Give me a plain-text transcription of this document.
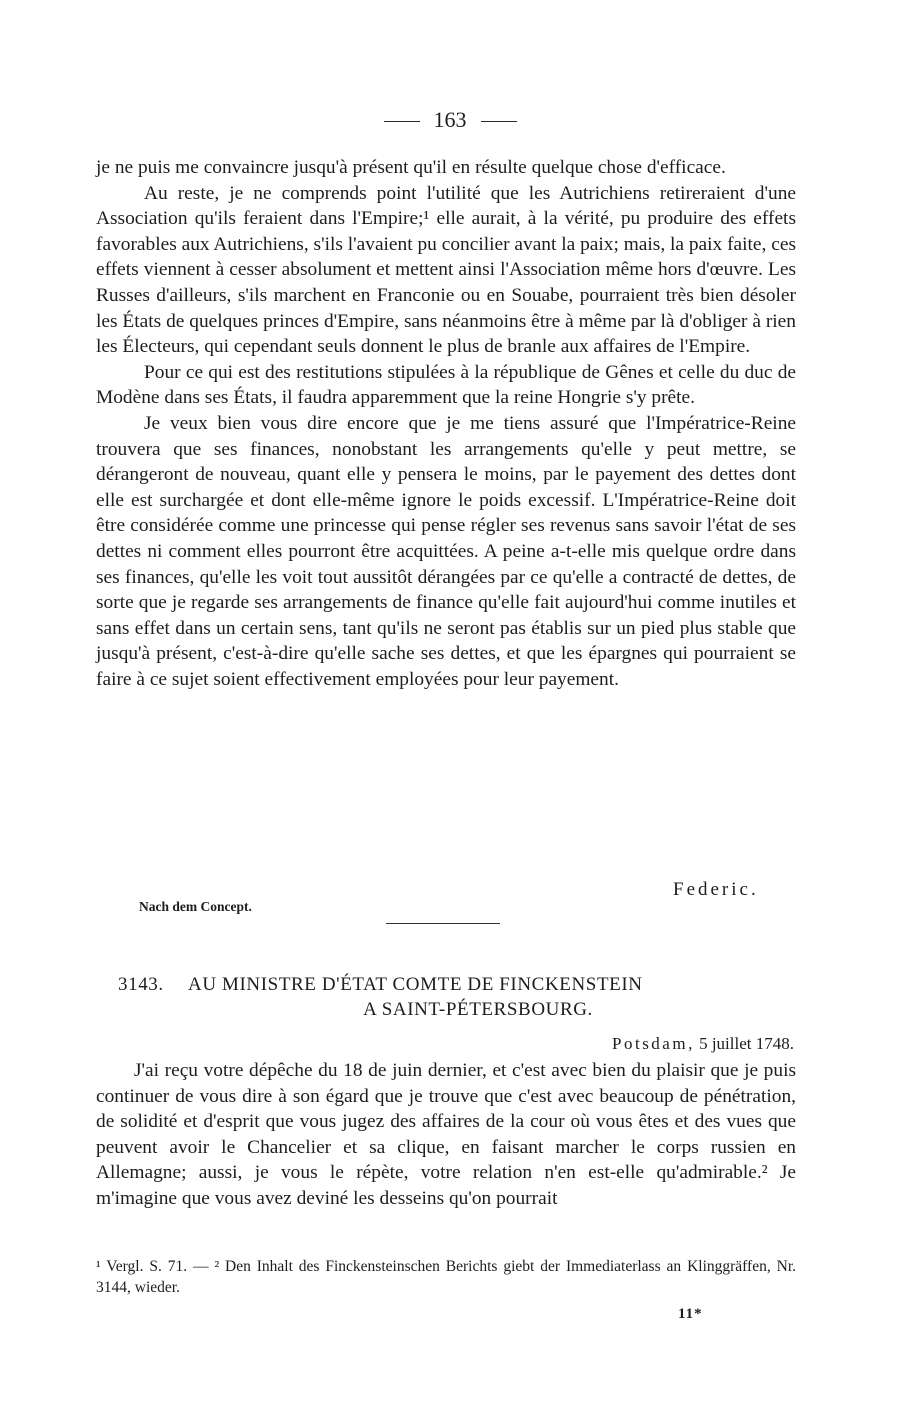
163

je ne puis me convaincre jusqu'à présent qu'il en résulte quelque chose d'efficace.

Au reste, je ne comprends point l'utilité que les Autrichiens retireraient d'une Association qu'ils feraient dans l'Empire;¹ elle aurait, à la vérité, pu produire des effets favorables aux Autrichiens, s'ils l'avaient pu concilier avant la paix; mais, la paix faite, ces effets viennent à cesser absolument et mettent ainsi l'Association même hors d'œuvre. Les Russes d'ailleurs, s'ils marchent en Franconie ou en Souabe, pourraient très bien désoler les États de quelques princes d'Empire, sans néanmoins être à même par là d'obliger à rien les Électeurs, qui cependant seuls donnent le plus de branle aux affaires de l'Empire.

Pour ce qui est des restitutions stipulées à la république de Gênes et celle du duc de Modène dans ses États, il faudra apparemment que la reine Hongrie s'y prête.

Je veux bien vous dire encore que je me tiens assuré que l'Impératrice-Reine trouvera que ses finances, nonobstant les arrangements qu'elle y peut mettre, se dérangeront de nouveau, quant elle y pensera le moins, par le payement des dettes dont elle est surchargée et dont elle-même ignore le poids excessif. L'Impératrice-Reine doit être considérée comme une princesse qui pense régler ses revenus sans savoir l'état de ses dettes ni comment elles pourront être acquittées. A peine a-t-elle mis quelque ordre dans ses finances, qu'elle les voit tout aussitôt dérangées par ce qu'elle a contracté de dettes, de sorte que je regarde ses arrangements de finance qu'elle fait aujourd'hui comme inutiles et sans effet dans un certain sens, tant qu'ils ne seront pas établis sur un pied plus stable que jusqu'à présent, c'est-à-dire qu'elle sache ses dettes, et que les épargnes qui pourraient se faire à ce sujet soient effectivement employées pour leur payement.

Federic.
Nach dem Concept.
3143. AU MINISTRE D'ÉTAT COMTE DE FINCKENSTEIN
A SAINT-PÉTERSBOURG.
Potsdam, 5 juillet 1748.

J'ai reçu votre dépêche du 18 de juin dernier, et c'est avec bien du plaisir que je puis continuer de vous dire à son égard que je trouve que c'est avec beaucoup de pénétration, de solidité et d'esprit que vous jugez des affaires de la cour où vous êtes et des vues que peuvent avoir le Chancelier et sa clique, en faisant marcher le corps russien en Allemagne; aussi, je vous le répète, votre relation n'en est-elle qu'admirable.² Je m'imagine que vous avez deviné les desseins qu'on pourrait

¹ Vergl. S. 71. — ² Den Inhalt des Finckensteinschen Berichts giebt der Immediaterlass an Klinggräffen, Nr. 3144, wieder.
11*
